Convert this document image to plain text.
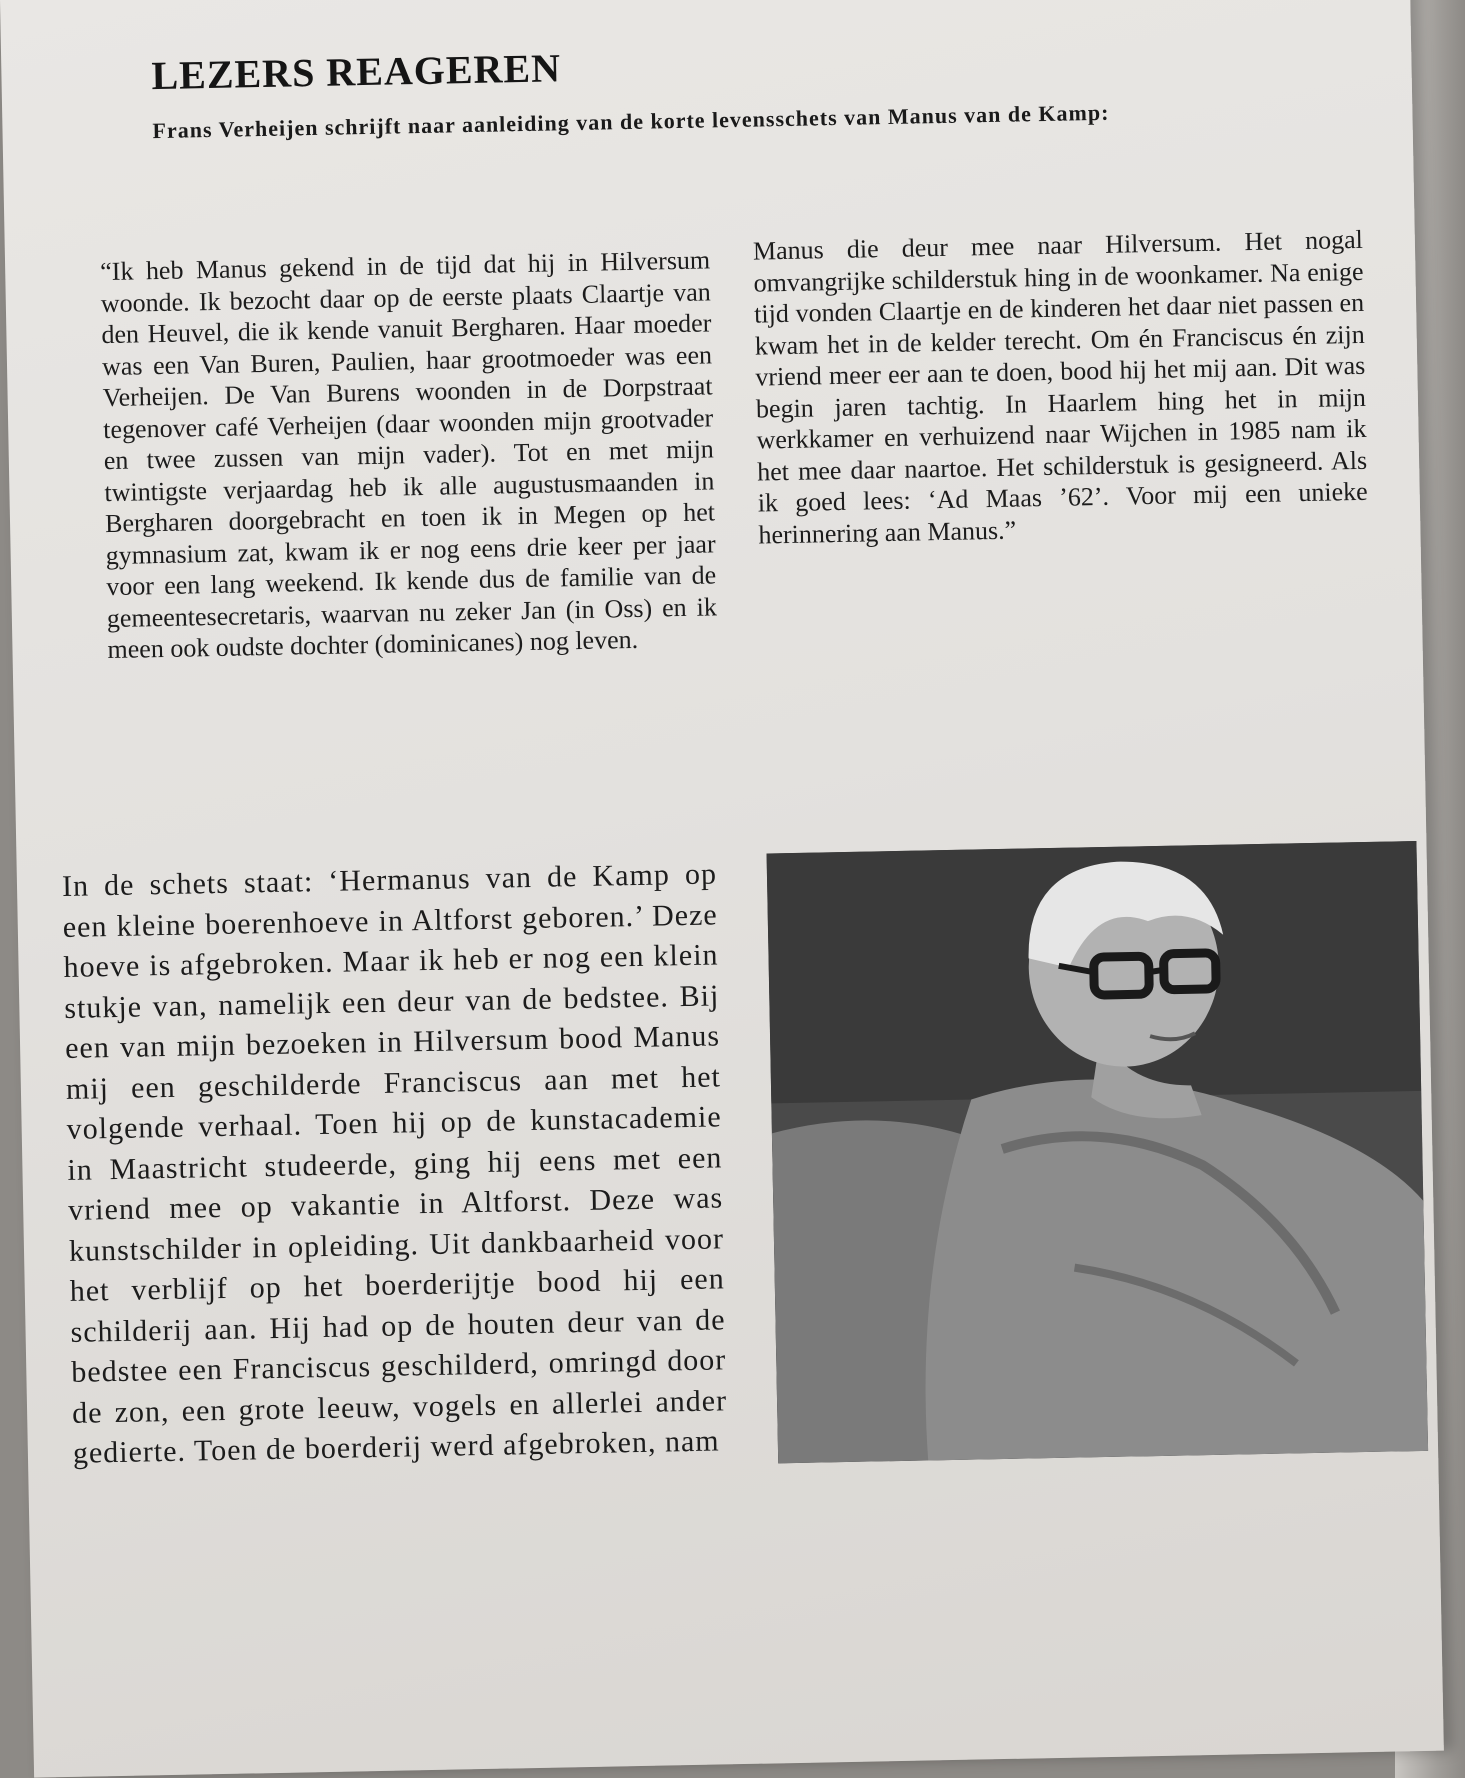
LEZERS REAGEREN

Frans Verheijen schrijft naar aanleiding van de korte levensschets van Manus van de Kamp:

“Ik heb Manus gekend in de tijd dat hij in Hilversum woonde. Ik bezocht daar op de eerste plaats Claartje van den Heuvel, die ik kende vanuit Bergharen. Haar moeder was een Van Buren, Paulien, haar grootmoeder was een Verheijen. De Van Burens woonden in de Dorpstraat tegenover café Verheijen (daar woonden mijn grootvader en twee zussen van mijn vader). Tot en met mijn twintigste verjaardag heb ik alle augustusmaanden in Bergharen doorgebracht en toen ik in Megen op het gymnasium zat, kwam ik er nog eens drie keer per jaar voor een lang weekend. Ik kende dus de familie van de gemeentesecretaris, waarvan nu zeker Jan (in Oss) en ik meen ook oudste dochter (dominicanes) nog leven.

In de schets staat: ‘Hermanus van de Kamp op een kleine boerenhoeve in Altforst geboren.’ Deze hoeve is afgebroken. Maar ik heb er nog een klein stukje van, namelijk een deur van de bedstee. Bij een van mijn bezoeken in Hilversum bood Manus mij een geschilderde Franciscus aan met het volgende verhaal. Toen hij op de kunstacademie in Maastricht studeerde, ging hij eens met een vriend mee op vakantie in Altforst. Deze was kunstschilder in opleiding. Uit dankbaarheid voor het verblijf op het boerderijtje bood hij een schilderij aan. Hij had op de houten deur van de bedstee een Franciscus geschilderd, omringd door de zon, een grote leeuw, vogels en allerlei ander gedierte. Toen de boerderij werd afgebroken, nam

Manus die deur mee naar Hilversum. Het nogal omvangrijke schilderstuk hing in de woonkamer. Na enige tijd vonden Claartje en de kinderen het daar niet passen en kwam het in de kelder terecht. Om én Franciscus én zijn vriend meer eer aan te doen, bood hij het mij aan. Dit was begin jaren tachtig. In Haarlem hing het in mijn werkkamer en verhuizend naar Wijchen in 1985 nam ik het mee daar naartoe. Het schilderstuk is gesigneerd. Als ik goed lees: ‘Ad Maas ’62’. Voor mij een unieke herinnering aan Manus.”
